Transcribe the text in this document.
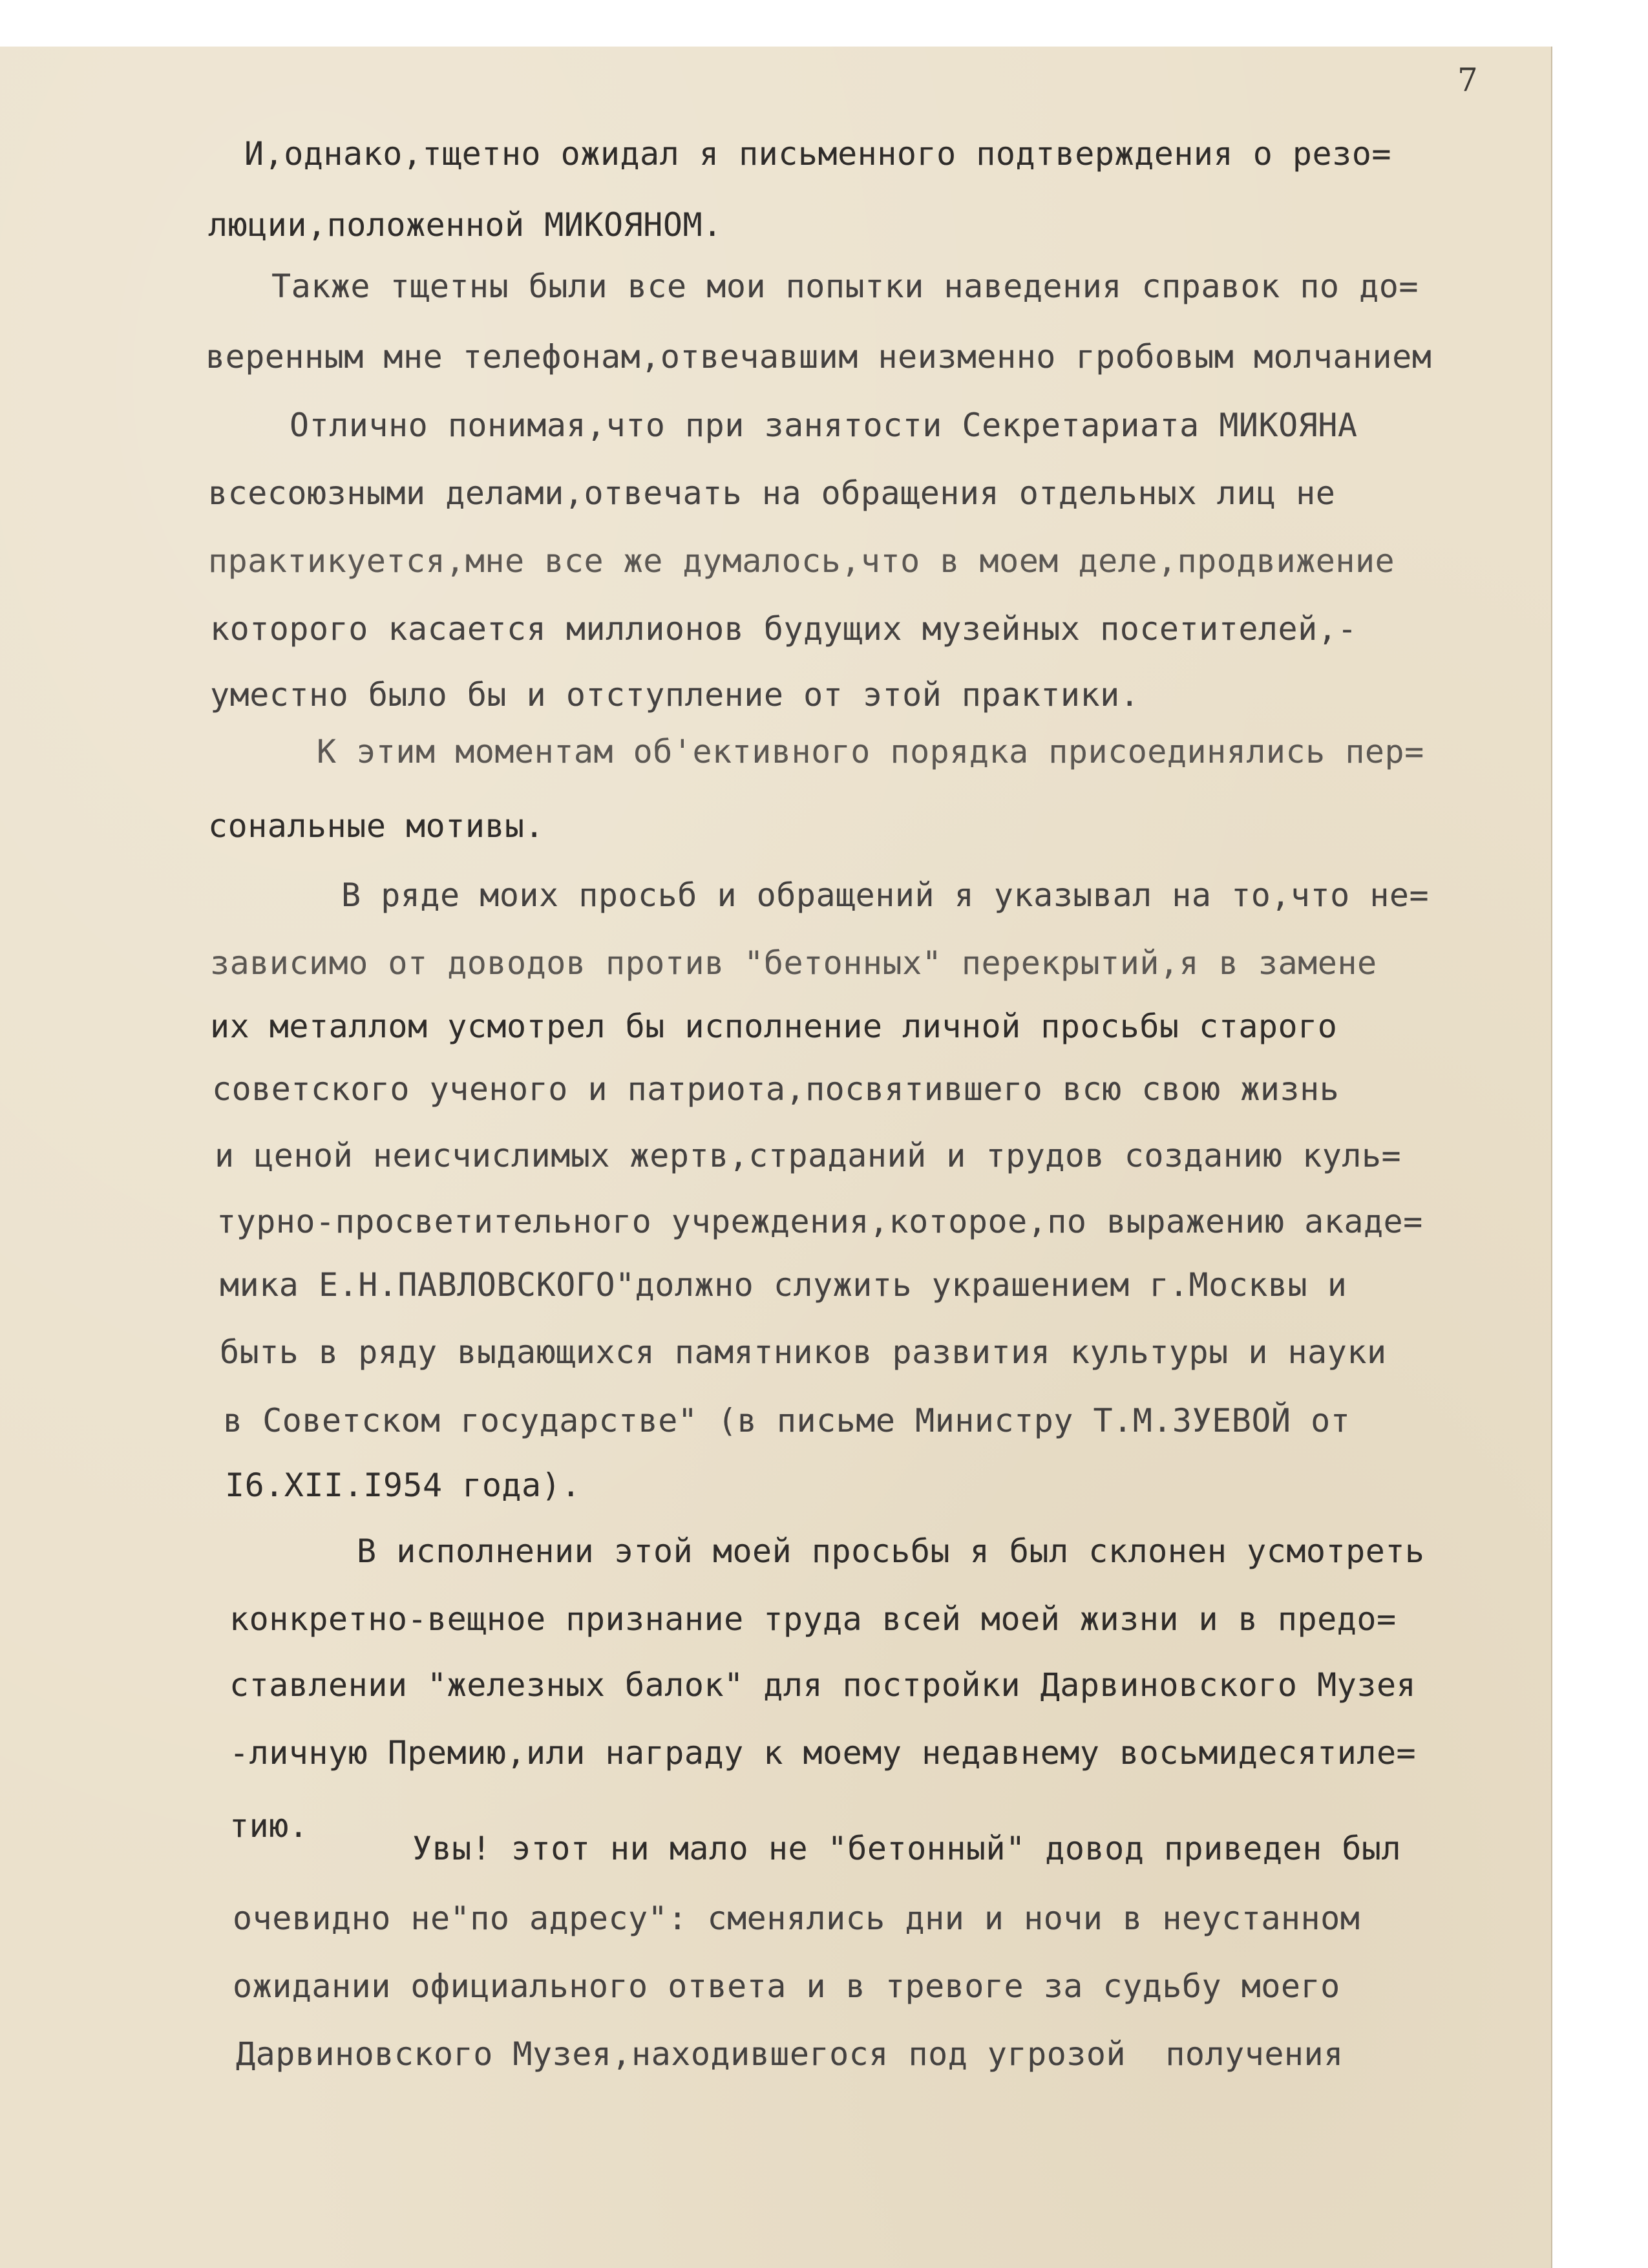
7
И,однако,тщетно ожидал я письменного подтверждения о резо=
люции,положенной МИКОЯНОМ.
Также тщетны были все мои попытки наведения справок по до=
веренным мне телефонам,отвечавшим неизменно гробовым молчанием
Отлично понимая,что при занятости Секретариата МИКОЯНА
всесоюзными делами,отвечать на обращения отдельных лиц не
практикуется,мне все же думалось,что в моем деле,продвижение
которого касается миллионов будущих музейных посетителей,-
уместно было бы и отступление от этой практики.
К этим моментам об'ективного порядка присоединялись пер=
сональные мотивы.
В ряде моих просьб и обращений я указывал на то,что не=
зависимо от доводов против "бетонных" перекрытий,я в замене
их металлом усмотрел бы исполнение личной просьбы старого
советского ученого и патриота,посвятившего всю свою жизнь
и ценой неисчислимых жертв,страданий и трудов созданию куль=
турно-просветительного учреждения,которое,по выражению акаде=
мика Е.Н.ПАВЛОВСКОГО"должно служить украшением г.Москвы и
быть в ряду выдающихся памятников развития культуры и науки
в Советском государстве" (в письме Министру Т.М.ЗУЕВОЙ от
I6.XII.I954 года).
В исполнении этой моей просьбы я был склонен усмотреть
конкретно-вещное признание труда всей моей жизни и в предо=
ставлении "железных балок" для постройки Дарвиновского Музея
-личную Премию,или награду к моему недавнему восьмидесятиле=
тию.
Увы! этот ни мало не "бетонный" довод приведен был
очевидно не"по адресу": сменялись дни и ночи в неустанном
ожидании официального ответа и в тревоге за судьбу моего
Дарвиновского Музея,находившегося под угрозой  получения
